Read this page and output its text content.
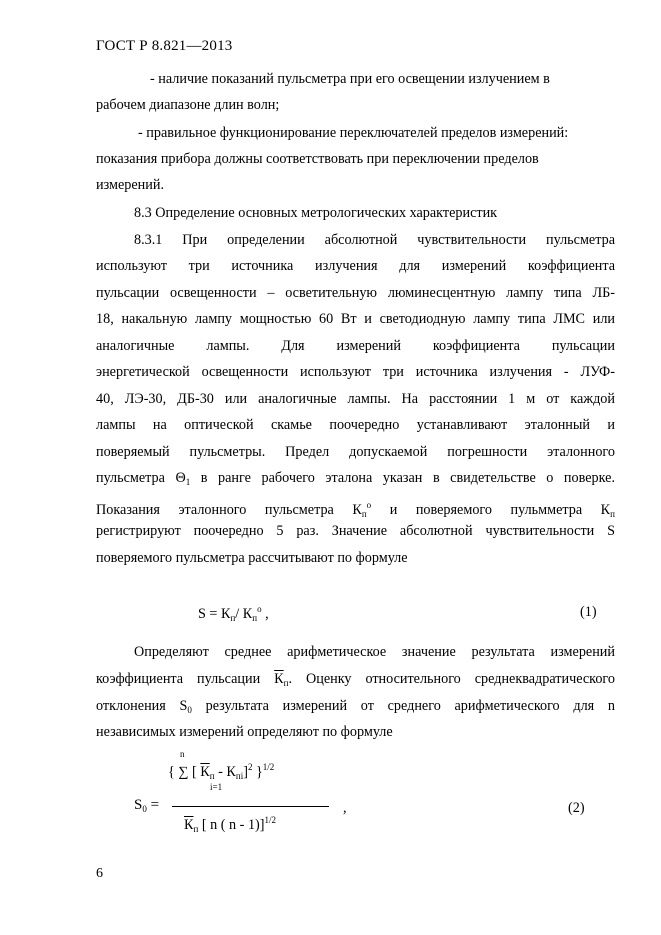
ГОСТ Р 8.821—2013
- наличие показаний пульсметра при его освещении излучением в
рабочем диапазоне длин волн;
- правильное функционирование переключателей пределов измерений:
показания прибора должны соответствовать при переключении пределов
измерений.
8.3 Определение основных метрологических характеристик
8.3.1 При определении абсолютной чувствительности пульсметра
используют три источника излучения для измерений коэффициента
пульсации освещенности – осветительную люминесцентную лампу типа ЛБ-
18, накальную лампу мощностью 60 Вт и светодиодную лампу типа ЛМС или
аналогичные лампы. Для измерений коэффициента пульсации
энергетической освещенности используют три источника излучения - ЛУФ-
40, ЛЭ-30, ДБ-30 или аналогичные лампы. На расстоянии 1 м от каждой
лампы на оптической скамье поочередно устанавливают эталонный и
поверяемый пульсметры. Предел допускаемой погрешности эталонного
пульсметра $\Theta_1$ в ранге рабочего эталона указан в свидетельстве о поверке.
Показания эталонного пульсметра $К_п^о$ и поверяемого пульмметра $К_п$
регистрируют поочередно 5 раз. Значение абсолютной чувствительности S
поверяемого пульсметра рассчитывают по формуле
$S = К_п/$ $К_п^о$ ,	(1)
Определяют среднее арифметическое значение результата измерений
коэффициента пульсации $К_п$. Оценку относительного среднеквадратического
отклонения $S_0$ результата измерений от среднего арифметического для n
независимых измерений определяют по формуле
n
{ ∑ [ $К_п - К_{пi}]^2$ }$^{1/2}$
i=1
$S_0$ =
$К_п$ [ n ( n - 1)]$^{1/2}$
,	(2)
6
